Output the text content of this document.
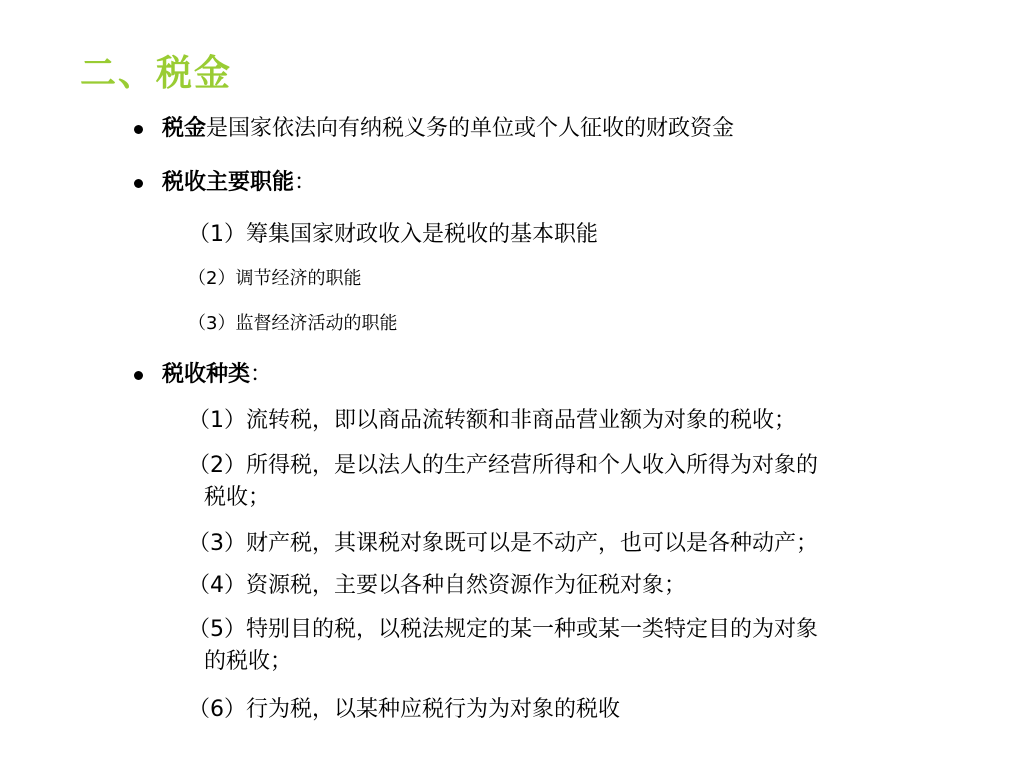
二、税金
税金是国家依法向有纳税义务的单位或个人征收的财政资金
税收主要职能：
（1）筹集国家财政收入是税收的基本职能
（2）调节经济的职能
（3）监督经济活动的职能
税收种类：
（1）流转税，即以商品流转额和非商品营业额为对象的税收；
（2）所得税，是以法人的生产经营所得和个人收入所得为对象的
税收；
（3）财产税，其课税对象既可以是不动产，也可以是各种动产；
（4）资源税，主要以各种自然资源作为征税对象；
（5）特别目的税，以税法规定的某一种或某一类特定目的为对象
的税收；
（6）行为税，以某种应税行为为对象的税收
